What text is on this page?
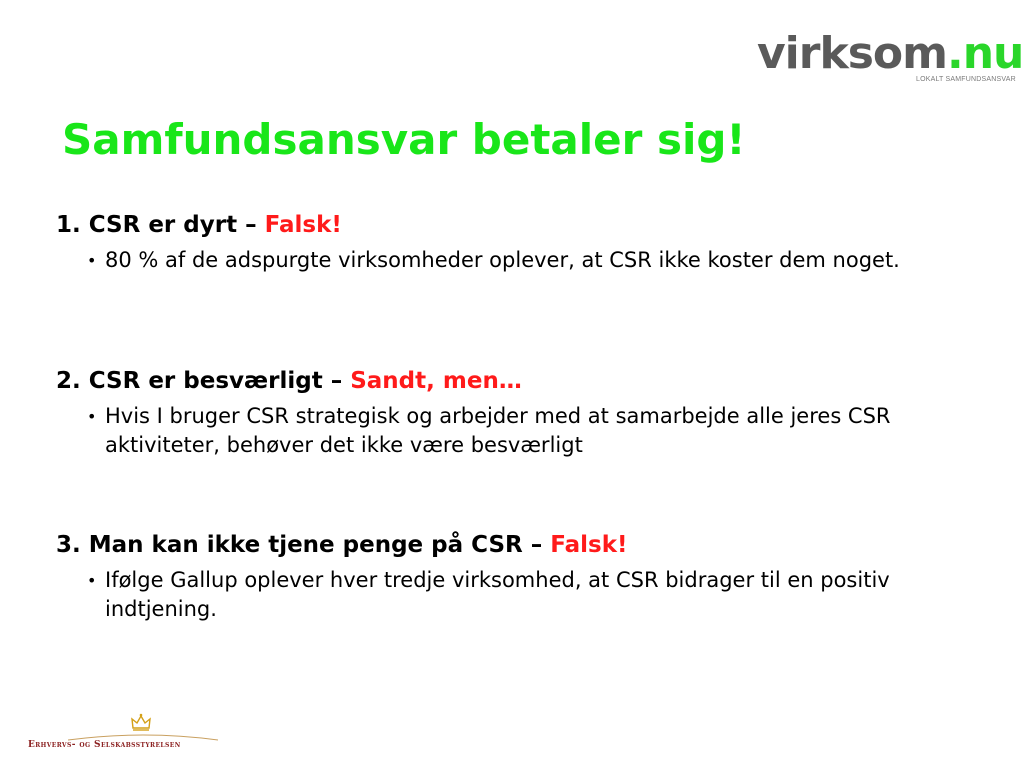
virksom.nu
LOKALT SAMFUNDSANSVAR
Samfundsansvar betaler sig!
1. CSR er dyrt – Falsk!
• 80 % af de adspurgte virksomheder oplever, at CSR ikke koster dem noget.
2. CSR er besværligt – Sandt, men…
• Hvis I bruger CSR strategisk og arbejder med at samarbejde alle jeres CSR aktiviteter, behøver det ikke være besværligt
3. Man kan ikke tjene penge på CSR – Falsk!
• Ifølge Gallup oplever hver tredje virksomhed, at CSR bidrager til en positiv indtjening.
Erhvervs- og Selskabsstyrelsen
